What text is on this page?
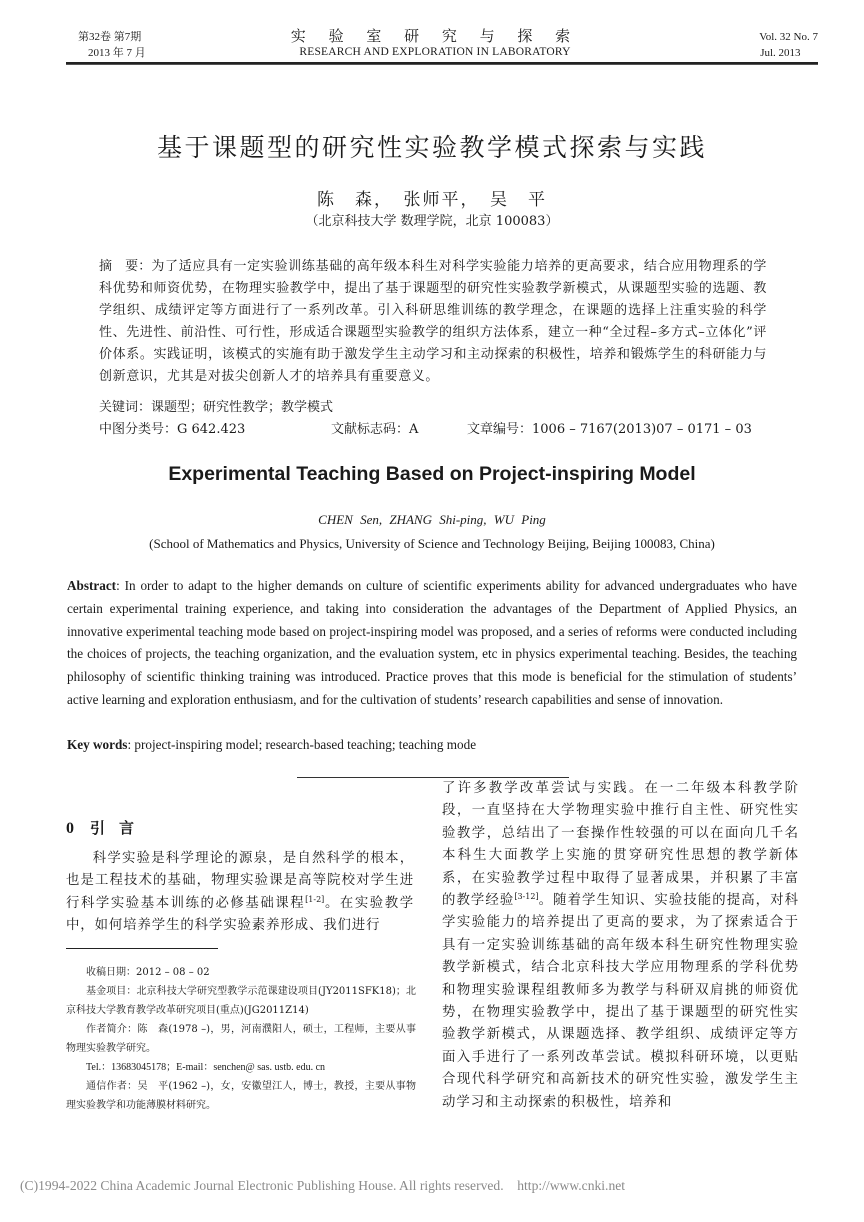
第32卷 第7期
2013 年 7 月
实 验 室 研 究 与 探 索
RESEARCH AND EXPLORATION IN LABORATORY
Vol. 32 No. 7
Jul. 2013
基于课题型的研究性实验教学模式探索与实践
陈　森，　张师平，　吴　平
（北京科技大学 数理学院，北京 100083）
摘　要：为了适应具有一定实验训练基础的高年级本科生对科学实验能力培养的更高要求，结合应用物理系的学科优势和师资优势，在物理实验教学中，提出了基于课题型的研究性实验教学新模式，从课题型实验的选题、教学组织、成绩评定等方面进行了一系列改革。引入科研思维训练的教学理念，在课题的选择上注重实验的科学性、先进性、前沿性、可行性，形成适合课题型实验教学的组织方法体系，建立一种“全过程–多方式–立体化”评价体系。实践证明，该模式的实施有助于激发学生主动学习和主动探索的积极性，培养和锻炼学生的科研能力与创新意识，尤其是对拔尖创新人才的培养具有重要意义。
关键词：课题型；研究性教学；教学模式
中图分类号：G 642.423	文献标志码：A	文章编号：1006 – 7167(2013)07 – 0171 – 03
Experimental Teaching Based on Project-inspiring Model
CHEN Sen, ZHANG Shi-ping, WU Ping
(School of Mathematics and Physics, University of Science and Technology Beijing, Beijing 100083, China)
Abstract: In order to adapt to the higher demands on culture of scientific experiments ability for advanced undergraduates who have certain experimental training experience, and taking into consideration the advantages of the Department of Applied Physics, an innovative experimental teaching mode based on project-inspiring model was proposed, and a series of reforms were conducted including the choices of projects, the teaching organization, and the evaluation system, etc in physics experimental teaching. Besides, the teaching philosophy of scientific thinking training was introduced. Practice proves that this mode is beneficial for the stimulation of students’ active learning and exploration enthusiasm, and for the cultivation of students’ research capabilities and sense of innovation.
Key words: project-inspiring model; research-based teaching; teaching mode
0 引言

科学实验是科学理论的源泉，是自然科学的根本，也是工程技术的基础，物理实验课是高等院校对学生进行科学实验基本训练的必修基础课程[1-2]。在实验教学中，如何培养学生的科学实验素养形成、我们进行

了许多教学改革尝试与实践。在一二年级本科教学阶段，一直坚持在大学物理实验中推行自主性、研究性实验教学，总结出了一套操作性较强的可以在面向几千名本科生大面教学上实施的贯穿研究性思想的教学新体系，在实验教学过程中取得了显著成果，并积累了丰富的教学经验[3-12]。随着学生知识、实验技能的提高，对科学实验能力的培养提出了更高的要求，为了探索适合于具有一定实验训练基础的高年级本科生研究性物理实验教学新模式，结合北京科技大学应用物理系的学科优势和物理实验课程组教师多为教学与科研双肩挑的师资优势，在物理实验教学中，提出了基于课题型的研究性实验教学新模式，从课题选择、教学组织、成绩评定等方面入手进行了一系列改革尝试。模拟科研环境，以更贴合现代科学研究和高新技术的研究性实验，激发学生主动学习和主动探索的积极性，培养和

收稿日期：2012 – 08 – 02

基金项目：北京科技大学研究型教学示范课建设项目(JY2011SFK18)；北京科技大学教育教学改革研究项目(重点)(JG2011Z14)

作者简介：陈　森(1978 –)，男，河南濮阳人，硕士，工程师，主要从事物理实验教学研究。

Tel.：13683045178；E-mail：senchen@ sas. ustb. edu. cn

通信作者：吴　平(1962 –)，女，安徽望江人，博士，教授，主要从事物理实验教学和功能薄膜材料研究。

(C)1994-2022 China Academic Journal Electronic Publishing House. All rights reserved.    http://www.cnki.net
